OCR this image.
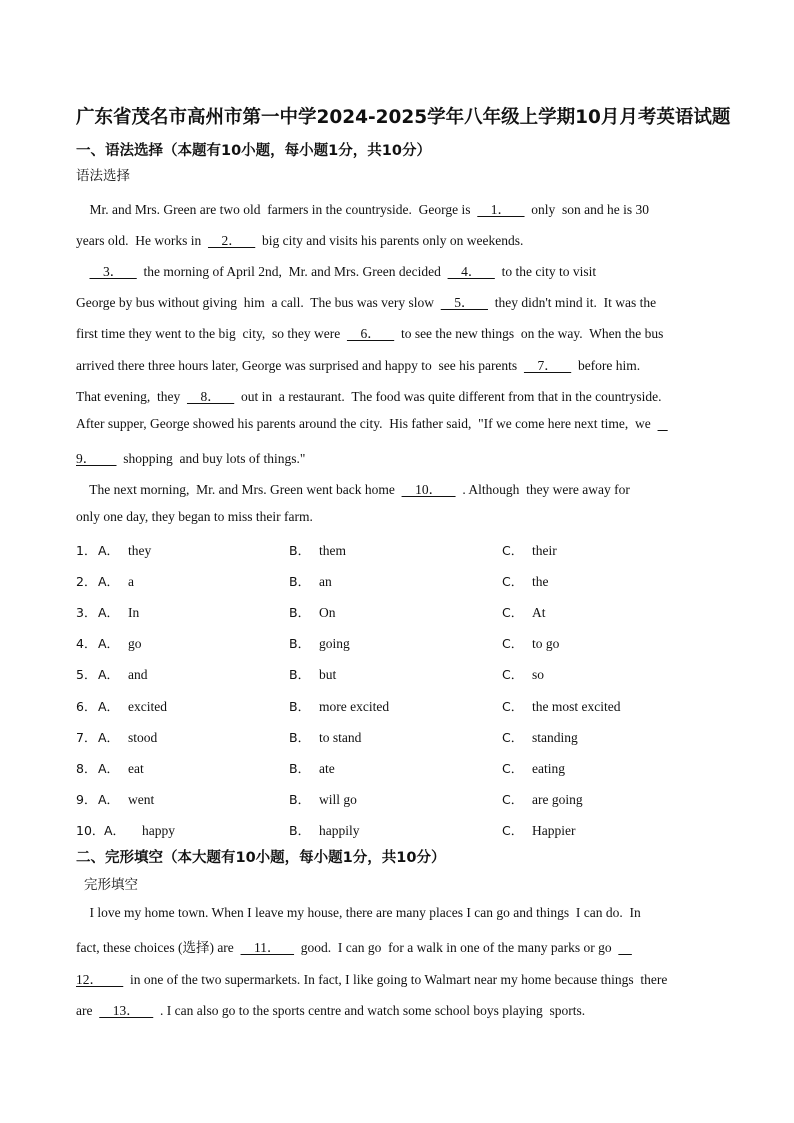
广东省茂名市高州市第一中学2024-2025学年八年级上学期10月月考英语试题
一、语法选择（本题有10小题，每小题1分，共10分）
语法选择
Mr. and Mrs. Green are two old  farmers in the countryside.  George is      1．      only  son and he is 30
years old.  He works in      2．      big city and visits his parents only on weekends.
3．      the morning of April 2nd,  Mr. and Mrs. Green decided      4．      to the city to visit
George by bus without giving  him  a call.  The bus was very slow      5．      they didn't mind it.  It was the
first time they went to the big  city,  so they were      6．      to see the new things  on the way.  When the bus
arrived there three hours later, George was surprised and happy to  see his parents      7．      before him.
That evening,  they      8．      out in  a restaurant.  The food was quite different from that in the countryside.
After supper, George showed his parents around the city.  His father said,  "If we come here next time,  we
9．        shopping  and buy lots of things."
The next morning,  Mr. and Mrs. Green went back home      10．      . Although  they were away for
only one day, they began to miss their farm.
1． A． they	B． them	C． their
2． A． a	B． an	C． the
3． A． In	B． On	C． At
4． A． go	B． going	C． to go
5． A． and	B． but	C． so
6． A． excited	B． more excited	C． the most excited
7． A． stood	B． to stand	C． standing
8． A． eat	B． ate	C． eating
9． A． went	B． will go	C． are going
10．A． happy	B． happily	C． Happier
二、完形填空（本大题有10小题，每小题1分，共10分）
完形填空
I love my home town. When I leave my house, there are many places I can go and things  I can do.  In
fact, these choices (选择) are      11．      good.  I can go  for a walk in one of the many parks or go
12．        in one of the two supermarkets. In fact, I like going to Walmart near my home because things  there
are      13．      . I can also go to the sports centre and watch some school boys playing  sports.
